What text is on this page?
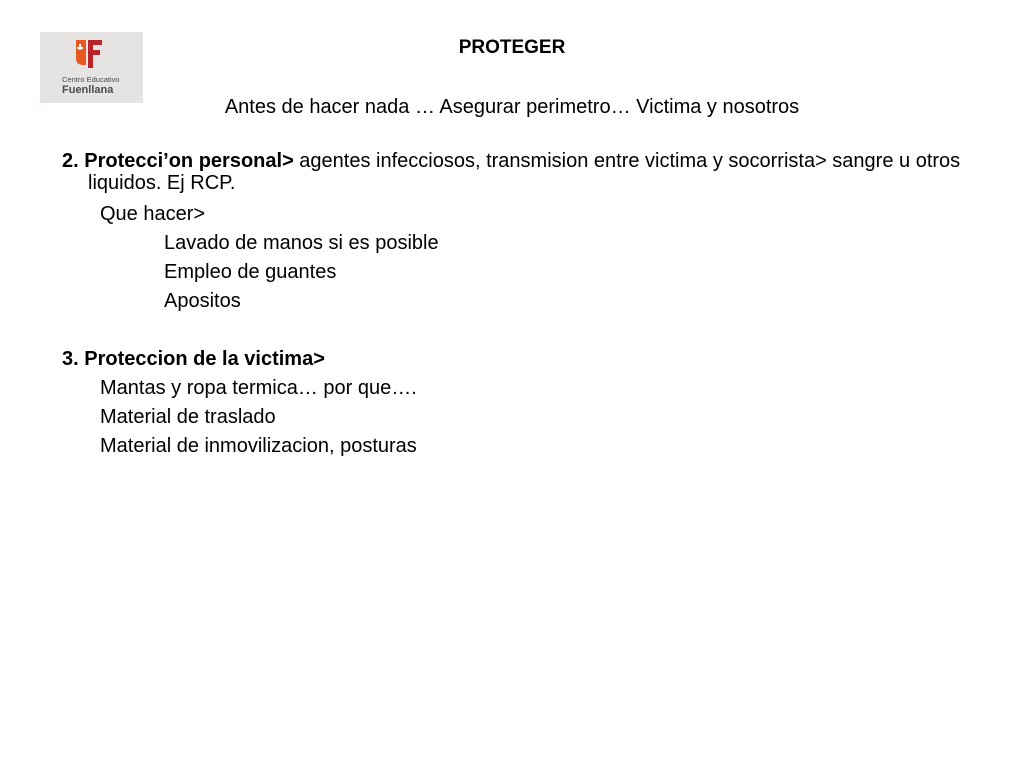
Centro Educativo
Fuenllana
PROTEGER
Antes de hacer nada … Asegurar perimetro… Victima y nosotros
2. Protecci’on personal> agentes infecciosos, transmision entre victima y socorrista> sangre u otros liquidos. Ej RCP.
Que hacer>
Lavado de manos si es posible
Empleo de guantes
Apositos
3. Proteccion de la victima>
Mantas y ropa termica… por que….
Material de traslado
Material de inmovilizacion, posturas
